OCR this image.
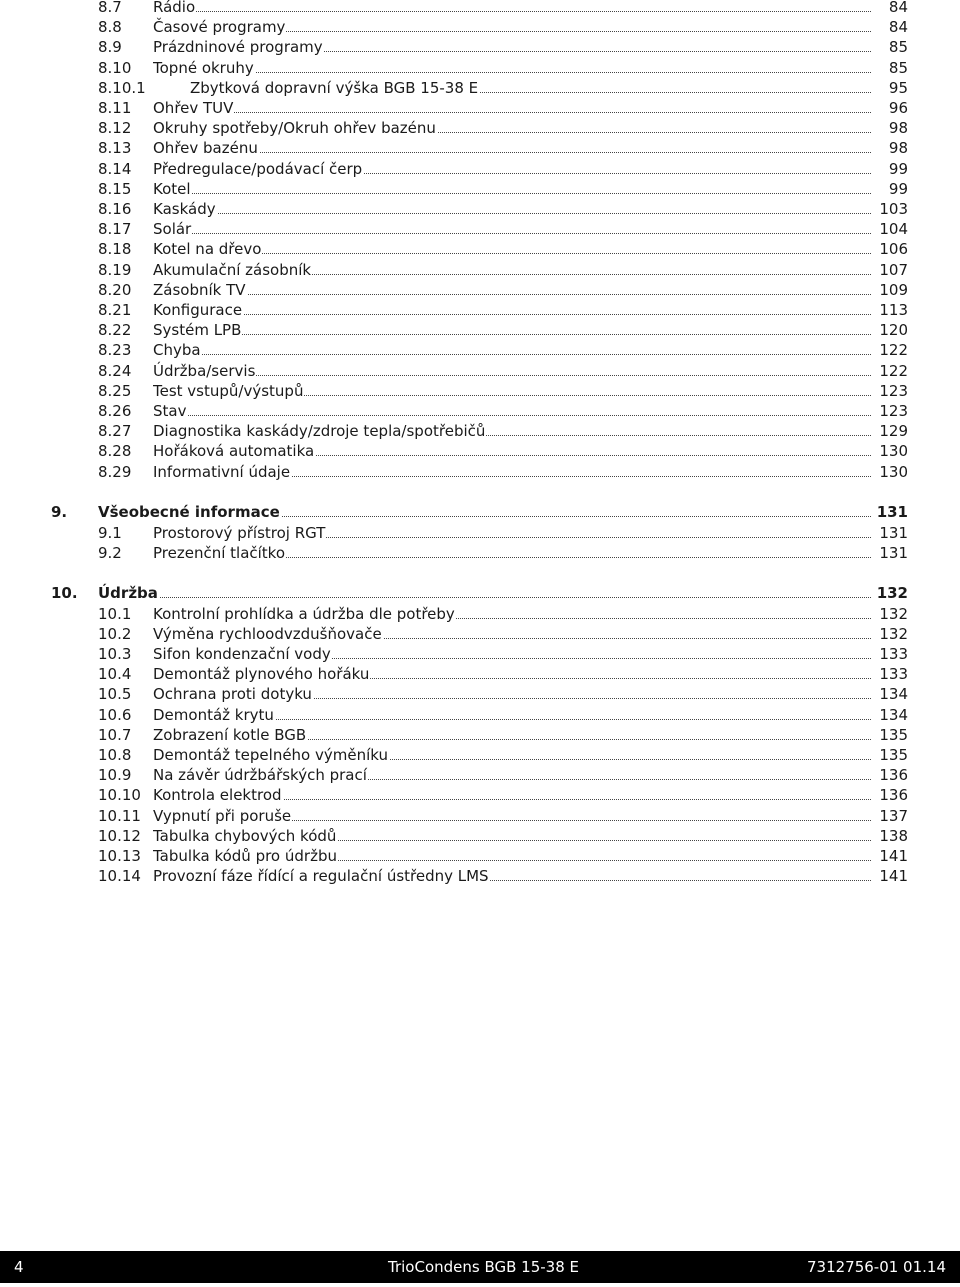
8.7 Rádio	84
8.8 Časové programy	84
8.9 Prázdninové programy	85
8.10 Topné okruhy	85
8.10.1	Zbytková dopravní výška BGB 15-38 E	95
8.11 Ohřev TUV	96
8.12 Okruhy spotřeby/Okruh ohřev bazénu	98
8.13 Ohřev bazénu	98
8.14 Předregulace/podávací čerp	99
8.15 Kotel	99
8.16 Kaskády	103
8.17 Solár	104
8.18 Kotel na dřevo	106
8.19 Akumulační zásobník	107
8.20 Zásobník TV	109
8.21 Konfigurace	113
8.22 Systém LPB	120
8.23 Chyba	122
8.24 Údržba/servis	122
8.25 Test vstupů/výstupů	123
8.26 Stav	123
8.27 Diagnostika kaskády/zdroje tepla/spotřebičů	129
8.28 Hořáková automatika	130
8.29 Informativní údaje	130
9. Všeobecné informace	131
9.1 Prostorový přístroj RGT	131
9.2 Prezenční tlačítko	131
10. Údržba	132
10.1 Kontrolní prohlídka a údržba dle potřeby	132
10.2 Výměna rychloodvzdušňovače	132
10.3 Sifon kondenzační vody	133
10.4 Demontáž plynového hořáku	133
10.5 Ochrana proti dotyku	134
10.6 Demontáž krytu	134
10.7 Zobrazení kotle BGB	135
10.8 Demontáž tepelného výměníku	135
10.9 Na závěr údržbářských prací	136
10.10 Kontrola elektrod	136
10.11 Vypnutí při poruše	137
10.12 Tabulka chybových kódů	138
10.13 Tabulka kódů pro údržbu	141
10.14 Provozní fáze řídící a regulační ústředny LMS	141
4	TrioCondens BGB 15-38 E	7312756-01 01.14
